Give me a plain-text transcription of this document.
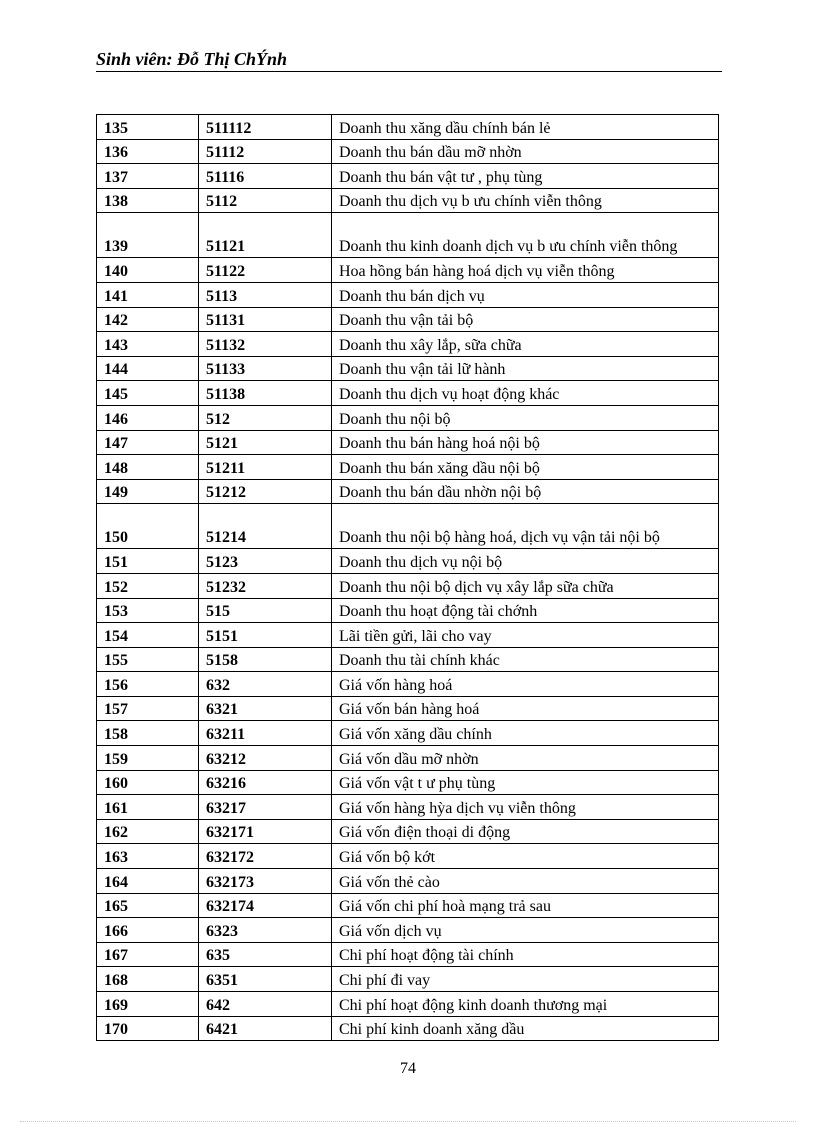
Sinh viên: Đỗ Thị ChÝnh
135	511112	Doanh thu xăng dầu chính bán lẻ
136	51112	Doanh thu bán dầu mỡ nhờn
137	51116	Doanh thu bán vật tư , phụ tùng
138	5112	Doanh thu dịch vụ b ưu chính viễn thông
139	51121	Doanh thu kinh doanh dịch vụ b ưu chính viễn thông
140	51122	Hoa hồng bán hàng hoá dịch vụ viễn thông
141	5113	Doanh thu bán dịch vụ
142	51131	Doanh thu vận tải bộ
143	51132	Doanh thu xây lắp, sữa chữa
144	51133	Doanh thu vận tải lữ hành
145	51138	Doanh thu dịch vụ hoạt động khác
146	512	Doanh thu nội bộ
147	5121	Doanh thu bán hàng hoá nội bộ
148	51211	Doanh thu bán xăng dầu nội bộ
149	51212	Doanh thu bán dầu nhờn nội bộ
150	51214	Doanh thu nội bộ hàng hoá, dịch vụ vận tải nội bộ
151	5123	Doanh thu dịch vụ nội bộ
152	51232	Doanh thu nội bộ dịch vụ xây lắp sữa chữa
153	515	Doanh thu hoạt động tài chớnh
154	5151	Lãi tiền gửi, lãi cho vay
155	5158	Doanh thu tài chính khác
156	632	Giá vốn hàng hoá
157	6321	Giá vốn bán hàng hoá
158	63211	Giá vốn xăng dầu chính
159	63212	Giá vốn dầu mỡ nhờn
160	63216	Giá vốn vật t ư phụ tùng
161	63217	Giá vốn hàng hỳa dịch vụ viễn thông
162	632171	Giá vốn điện thoại di động
163	632172	Giá vốn bộ kớt
164	632173	Giá vốn thẻ cào
165	632174	Giá vốn chi phí hoà mạng trả sau
166	6323	Giá vốn dịch vụ
167	635	Chi phí hoạt động tài chính
168	6351	Chi phí đi vay
169	642	Chi phí hoạt động kinh doanh thương mại
170	6421	Chi phí kinh doanh xăng dầu
74
